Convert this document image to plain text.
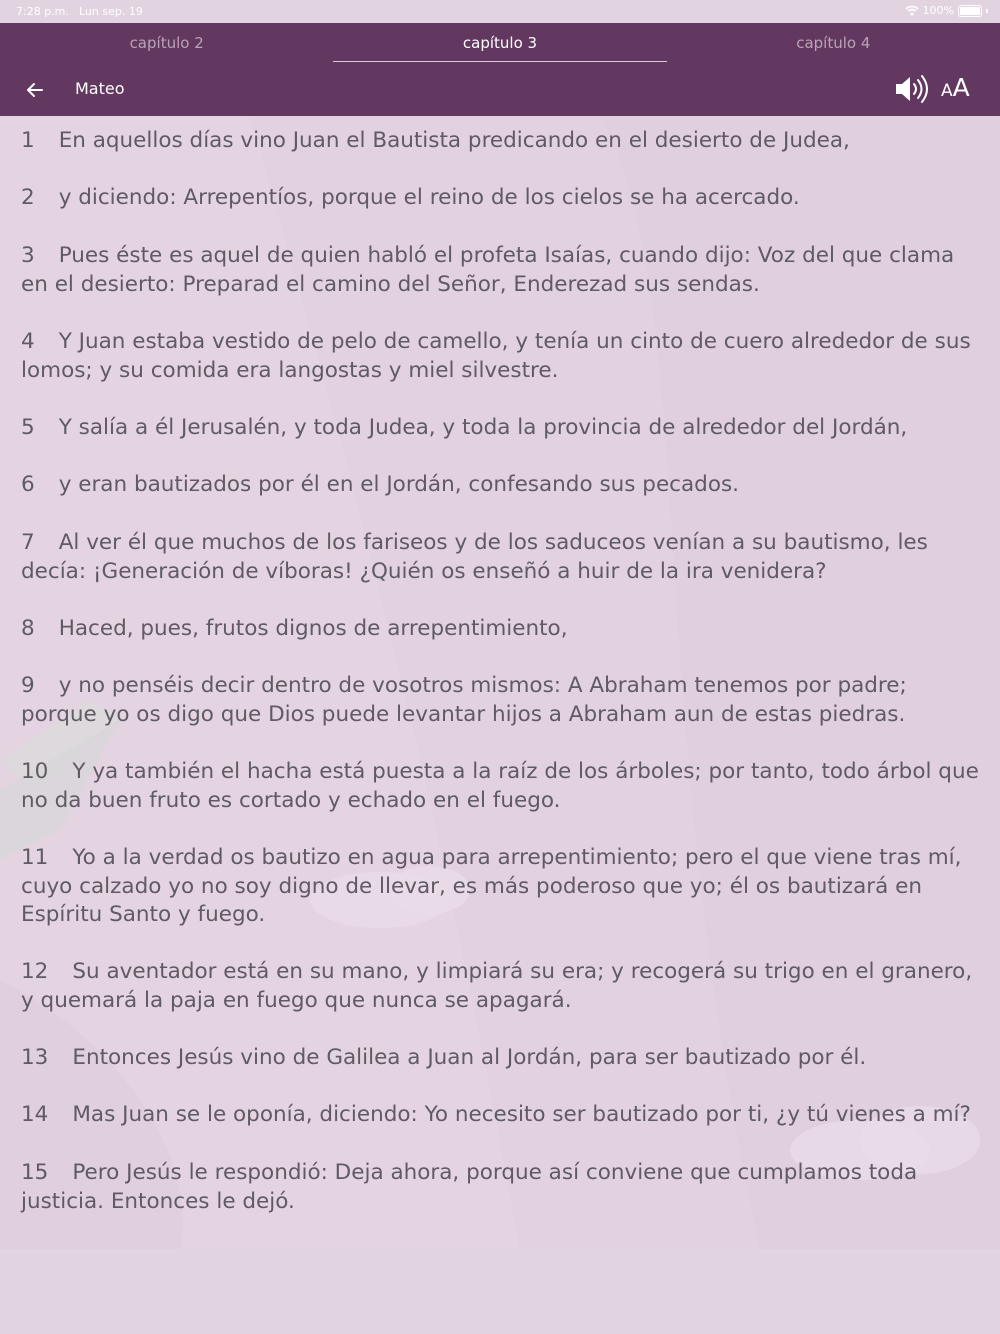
7:28 p.m. Lun sep. 19	100%
capítulo 2	capítulo 3	capítulo 4
Mateo	AA

1 En aquellos días vino Juan el Bautista predicando en el desierto de Judea,

2 y diciendo: Arrepentíos, porque el reino de los cielos se ha acercado.

3 Pues éste es aquel de quien habló el profeta Isaías, cuando dijo: Voz del que clama en el desierto: Preparad el camino del Señor, Enderezad sus sendas.

4 Y Juan estaba vestido de pelo de camello, y tenía un cinto de cuero alrededor de sus lomos; y su comida era langostas y miel silvestre.

5 Y salía a él Jerusalén, y toda Judea, y toda la provincia de alrededor del Jordán,

6 y eran bautizados por él en el Jordán, confesando sus pecados.

7 Al ver él que muchos de los fariseos y de los saduceos venían a su bautismo, les decía: ¡Generación de víboras! ¿Quién os enseñó a huir de la ira venidera?

8 Haced, pues, frutos dignos de arrepentimiento,

9 y no penséis decir dentro de vosotros mismos: A Abraham tenemos por padre; porque yo os digo que Dios puede levantar hijos a Abraham aun de estas piedras.

10 Y ya también el hacha está puesta a la raíz de los árboles; por tanto, todo árbol que no da buen fruto es cortado y echado en el fuego.

11 Yo a la verdad os bautizo en agua para arrepentimiento; pero el que viene tras mí, cuyo calzado yo no soy digno de llevar, es más poderoso que yo; él os bautizará en Espíritu Santo y fuego.

12 Su aventador está en su mano, y limpiará su era; y recogerá su trigo en el granero, y quemará la paja en fuego que nunca se apagará.

13 Entonces Jesús vino de Galilea a Juan al Jordán, para ser bautizado por él.

14 Mas Juan se le oponía, diciendo: Yo necesito ser bautizado por ti, ¿y tú vienes a mí?

15 Pero Jesús le respondió: Deja ahora, porque así conviene que cumplamos toda justicia. Entonces le dejó.
